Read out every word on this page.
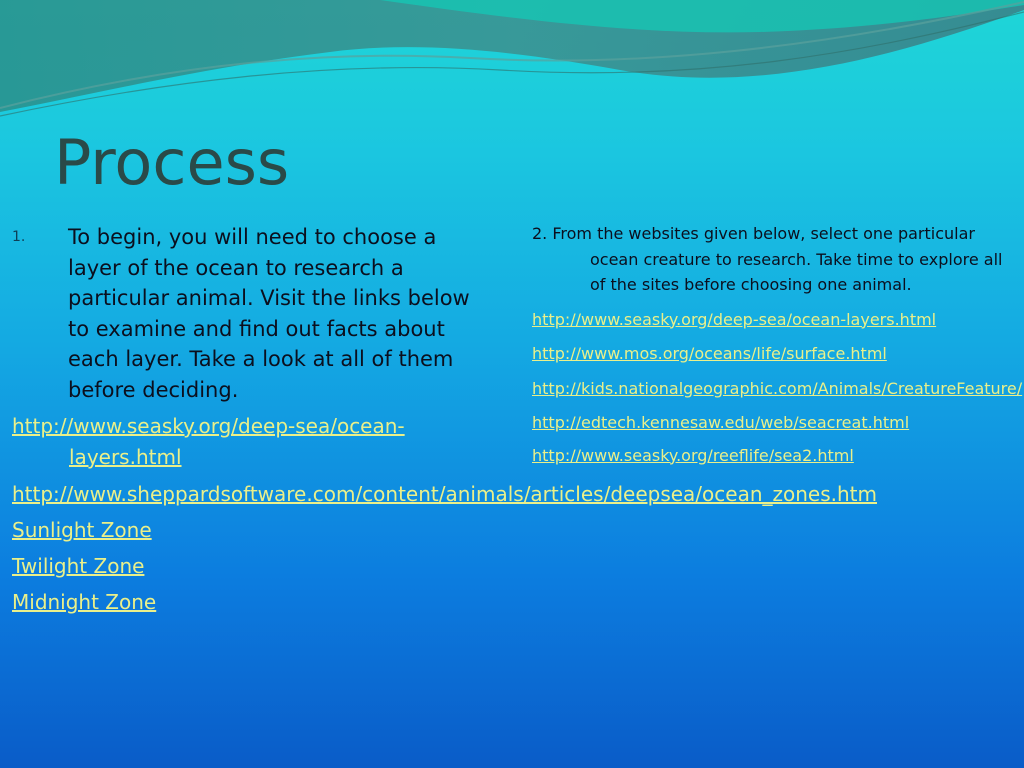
Process
1.	To begin, you will need to choose a layer of the ocean to research a particular animal. Visit the links below to examine and find out facts about each layer. Take a look at all of them before deciding.
http://www.seasky.org/deep-sea/ocean-layers.html
http://www.sheppardsoftware.com/content/animals/articles/deepsea/ocean_zones.htm
Sunlight Zone
Twilight Zone
Midnight Zone

2. From the websites given below, select one particular ocean creature to research. Take time to explore all of the sites before choosing one animal.

http://www.seasky.org/deep-sea/ocean-layers.html
http://www.mos.org/oceans/life/surface.html
http://kids.nationalgeographic.com/Animals/CreatureFeature/
http://edtech.kennesaw.edu/web/seacreat.html
http://www.seasky.org/reeflife/sea2.html
